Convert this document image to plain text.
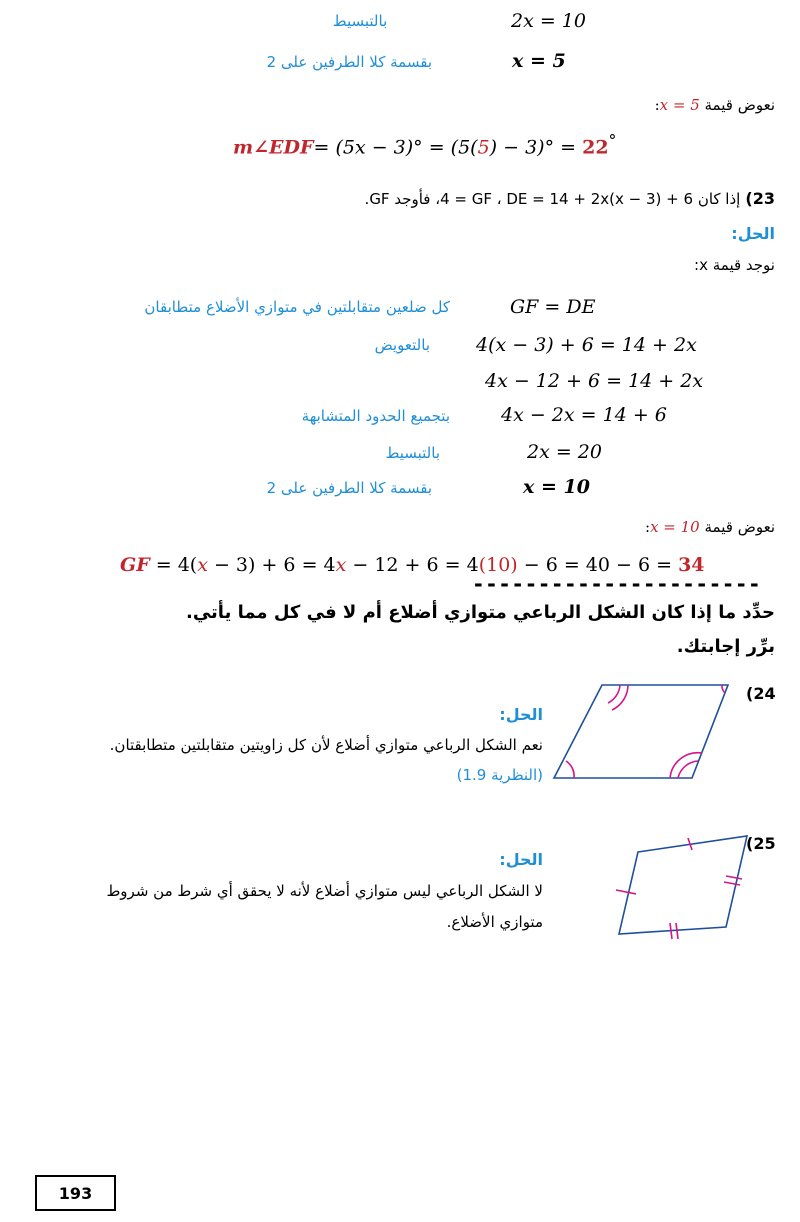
2x = 10
بالتبسيط
x = 5
بقسمة كلا الطرفين على 2
نعوض قيمة x = 5:
m∠EDF= (5x − 3)° = (5(5) − 3)° = 22°
23) إذا كان 6 + (3 − x)4 = GF ، DE = 14 + 2x، فأوجد GF.
الحل:
نوجد قيمة x:
GF = DE
كل ضلعين متقابلتين في متوازي الأضلاع متطابقان
4(x − 3) + 6 = 14 + 2x
بالتعويض
4x − 12 + 6 = 14 + 2x
4x − 2x = 14 + 6
بتجميع الحدود المتشابهة
2x = 20
بالتبسيط
x = 10
بقسمة كلا الطرفين على 2
نعوض قيمة x = 10:
GF = 4(x − 3) + 6 = 4x − 12 + 6 = 4(10) − 6 = 40 − 6 = 34
----------------------
حدِّد ما إذا كان الشكل الرباعي متوازي أضلاع أم لا في كل مما يأتي.
برِّر إجابتك.
(24
الحل:
نعم الشكل الرباعي متوازي أضلاع لأن كل زاويتين متقابلتين متطابقتان.
(النظرية 1.9)
(25
الحل:
لا الشكل الرباعي ليس متوازي أضلاع لأنه لا يحقق أي شرط من شروط
متوازي الأضلاع.
193
